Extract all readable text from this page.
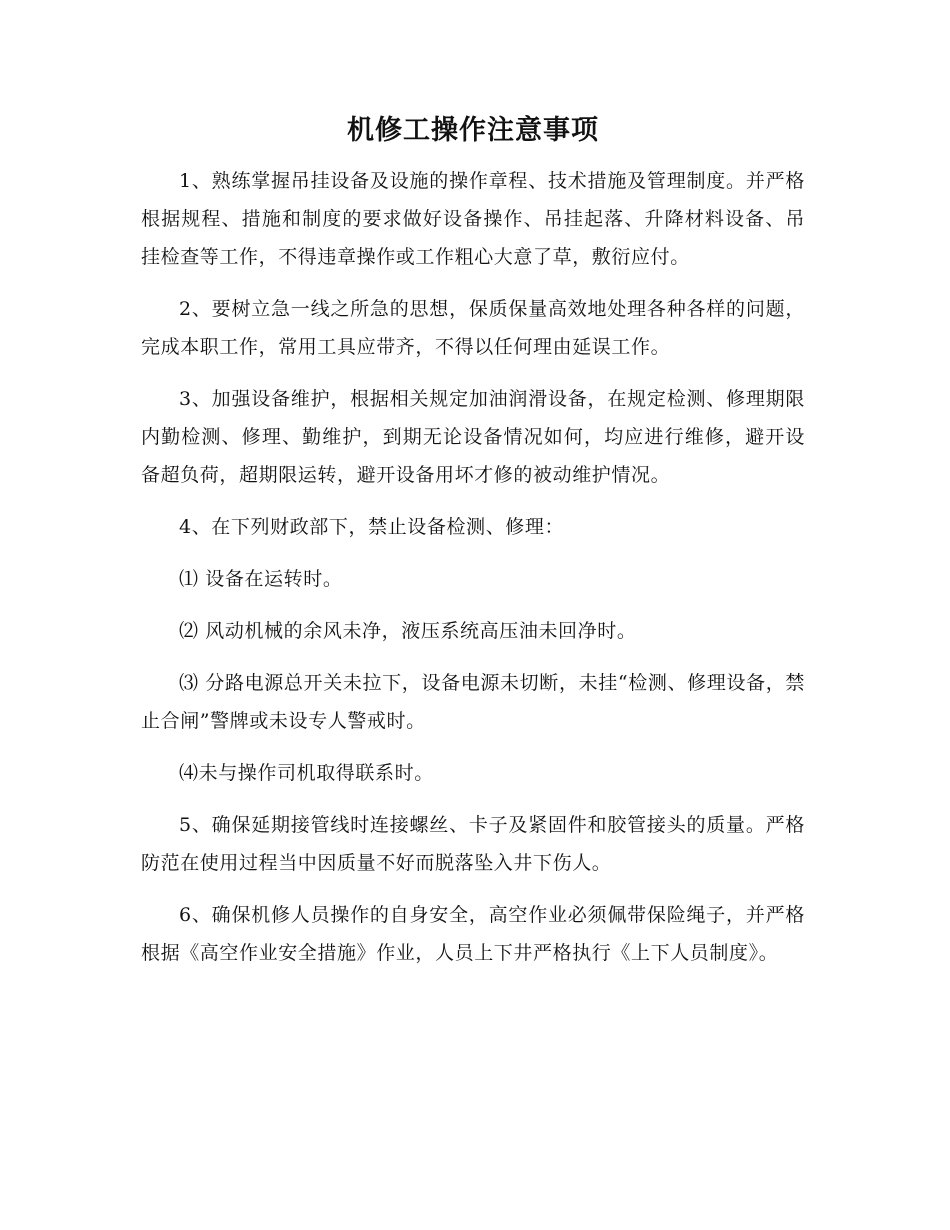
机修工操作注意事项

1、熟练掌握吊挂设备及设施的操作章程、技术措施及管理制度。并严格根据规程、措施和制度的要求做好设备操作、吊挂起落、升降材料设备、吊挂检查等工作，不得违章操作或工作粗心大意了草，敷衍应付。

2、要树立急一线之所急的思想，保质保量高效地处理各种各样的问题，完成本职工作，常用工具应带齐，不得以任何理由延误工作。

3、加强设备维护，根据相关规定加油润滑设备，在规定检测、修理期限内勤检测、修理、勤维护，到期无论设备情况如何，均应进行维修，避开设备超负荷，超期限运转，避开设备用坏才修的被动维护情况。

4、在下列财政部下，禁止设备检测、修理：

⑴ 设备在运转时。

⑵ 风动机械的余风未净，液压系统高压油未回净时。

⑶ 分路电源总开关未拉下，设备电源未切断，未挂“检测、修理设备，禁止合闸”警牌或未设专人警戒时。

⑷未与操作司机取得联系时。

5、确保延期接管线时连接螺丝、卡子及紧固件和胶管接头的质量。严格防范在使用过程当中因质量不好而脱落坠入井下伤人。

6、确保机修人员操作的自身安全，高空作业必须佩带保险绳子，并严格根据《高空作业安全措施》作业，人员上下井严格执行《上下人员制度》。
